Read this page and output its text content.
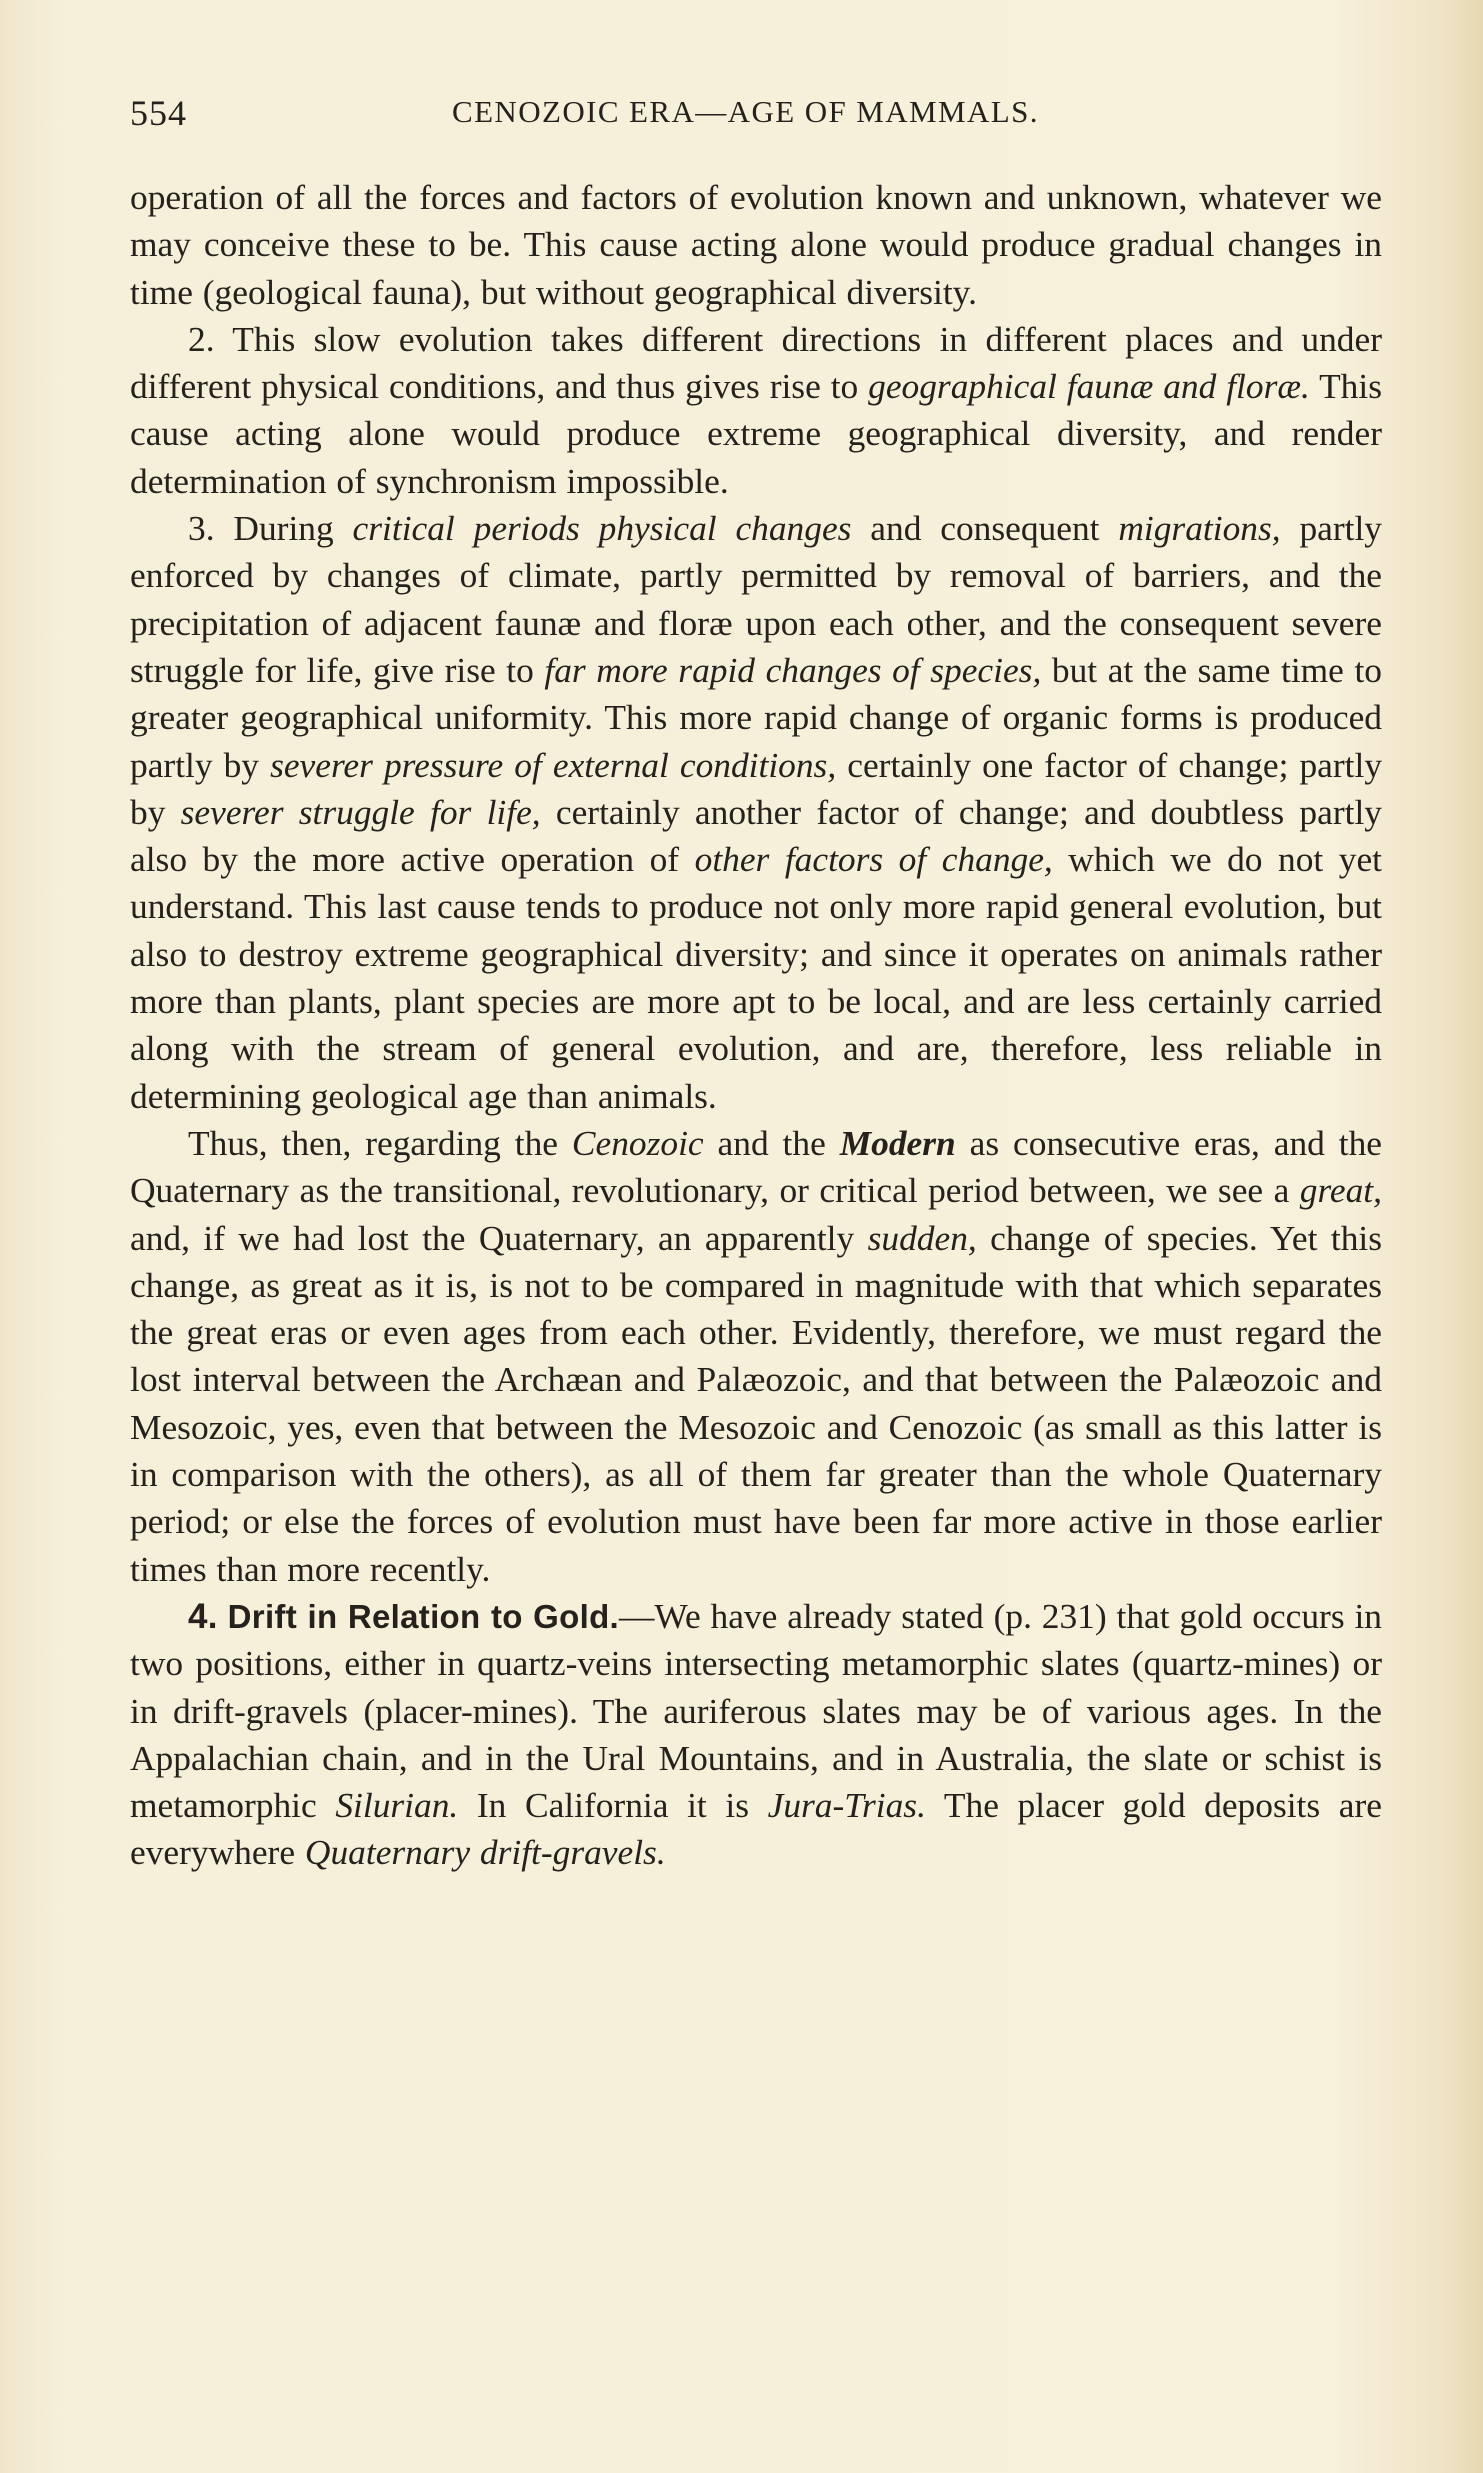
554	CENOZOIC ERA—AGE OF MAMMALS.

operation of all the forces and factors of evolution known and unknown, whatever we may conceive these to be. This cause acting alone would produce gradual changes in time (geological fauna), but without geographical diversity.

2. This slow evolution takes different directions in different places and under different physical conditions, and thus gives rise to geographical faunæ and floræ. This cause acting alone would produce extreme geographical diversity, and render determination of synchronism impossible.

3. During critical periods physical changes and consequent migrations, partly enforced by changes of climate, partly permitted by removal of barriers, and the precipitation of adjacent faunæ and floræ upon each other, and the consequent severe struggle for life, give rise to far more rapid changes of species, but at the same time to greater geographical uniformity. This more rapid change of organic forms is produced partly by severer pressure of external conditions, certainly one factor of change; partly by severer struggle for life, certainly another factor of change; and doubtless partly also by the more active operation of other factors of change, which we do not yet understand. This last cause tends to produce not only more rapid general evolution, but also to destroy extreme geographical diversity; and since it operates on animals rather more than plants, plant species are more apt to be local, and are less certainly carried along with the stream of general evolution, and are, therefore, less reliable in determining geological age than animals.

Thus, then, regarding the Cenozoic and the Modern as consecutive eras, and the Quaternary as the transitional, revolutionary, or critical period between, we see a great, and, if we had lost the Quaternary, an apparently sudden, change of species. Yet this change, as great as it is, is not to be compared in magnitude with that which separates the great eras or even ages from each other. Evidently, therefore, we must regard the lost interval between the Archæan and Palæozoic, and that between the Palæozoic and Mesozoic, yes, even that between the Mesozoic and Cenozoic (as small as this latter is in comparison with the others), as all of them far greater than the whole Quaternary period; or else the forces of evolution must have been far more active in those earlier times than more recently.

4. Drift in Relation to Gold.—We have already stated (p. 231) that gold occurs in two positions, either in quartz-veins intersecting metamorphic slates (quartz-mines) or in drift-gravels (placer-mines). The auriferous slates may be of various ages. In the Appalachian chain, and in the Ural Mountains, and in Australia, the slate or schist is metamorphic Silurian. In California it is Jura-Trias. The placer gold deposits are everywhere Quaternary drift-gravels.
